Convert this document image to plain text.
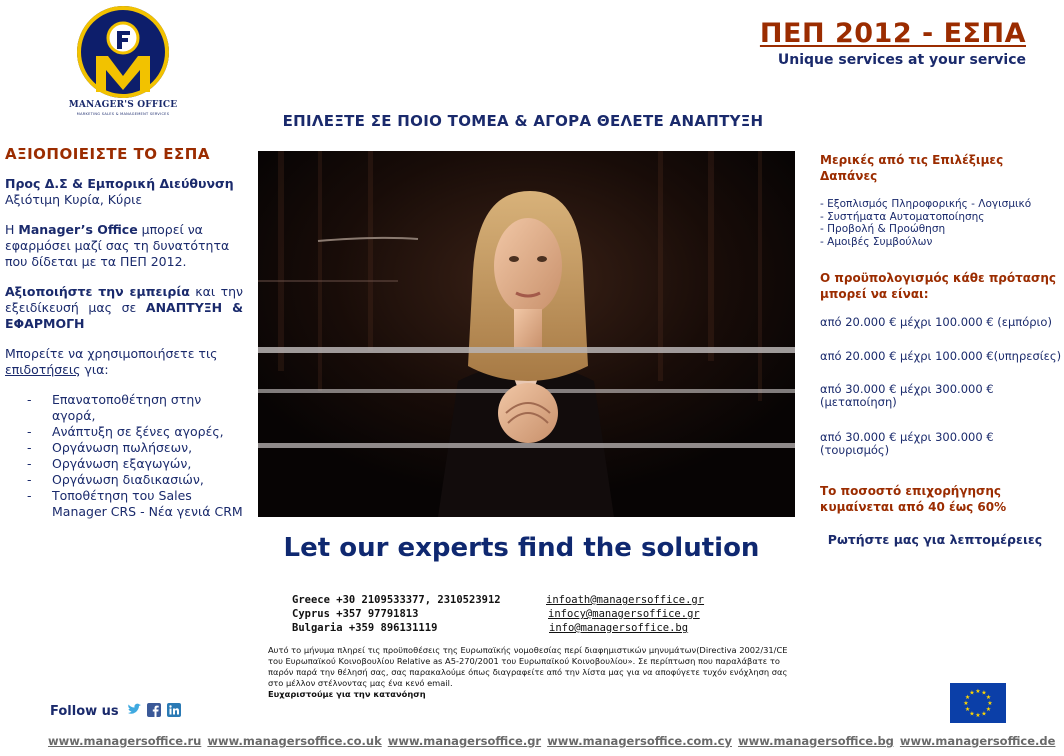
MANAGER'S OFFICE
MARKETING SALES & MANAGEMENT SERVICES
ΠΕΠ 2012 - ΕΣΠΑ
Unique services at your service
ΕΠΙΛΕΞΤΕ ΣΕ ΠΟΙΟ ΤΟΜΕΑ & ΑΓΟΡΑ ΘΕΛΕΤΕ ΑΝΑΠΤΥΞΗ
ΑΞΙΟΠΟΙΕΙΣΤΕ ΤΟ ΕΣΠΑ

Προς Δ.Σ & Εμπορική Διεύθυνση
Αξιότιμη Κυρία, Κύριε

Η Manager’s Office μπορεί να εφαρμόσει μαζί σας τη δυνατότητα που δίδεται με τα ΠΕΠ 2012.

Αξιοποιήστε την εμπειρία και την εξειδίκευσή μας σε ΑΝΑΠΤΥΞΗ & ΕΦΑΡΜΟΓΗ

Μπορείτε να χρησιμοποιήσετε τις επιδοτήσεις για:

- Επανατοποθέτηση στην αγορά,
- Ανάπτυξη σε ξένες αγορές,
- Οργάνωση πωλήσεων,
- Οργάνωση εξαγωγών,
- Οργάνωση διαδικασιών,
- Τοποθέτηση του Sales Manager CRS - Νέα γενιά CRM
Let our experts find the solution
Μερικές από τις Επιλέξιμες Δαπάνες
- Εξοπλισμός Πληροφορικής - Λογισμικό
- Συστήματα Αυτοματοποίησης
- Προβολή & Προώθηση
- Αμοιβές Συμβούλων
Ο προϋπολογισμός κάθε πρότασης μπορεί να είναι:
από 20.000 € μέχρι 100.000 € (εμπόριο)
από 20.000 € μέχρι 100.000 €(υπηρεσίες)
από 30.000 € μέχρι 300.000 € (μεταποίηση)
από 30.000 € μέχρι 300.000 € (τουρισμός)
Το ποσοστό επιχορήγησης κυμαίνεται από 40 έως 60%
Ρωτήστε μας για λεπτομέρειες
Greece +30 2109533377, 2310523912	infoath@managersoffice.gr
Cyprus +357 97791813	infocy@managersoffice.gr
Bulgaria +359 896131119	info@managersoffice.bg
Αυτό το μήνυμα πληρεί τις προϋποθέσεις της Ευρωπαϊκής νομοθεσίας περί διαφημιστικών μηνυμάτων(Directiva 2002/31/CE του Ευρωπαϊκού Κοινοβουλίου Relative as A5-270/2001 του Ευρωπαϊκού Κοινοβουλίου». Σε περίπτωση που παραλάβατε το παρόν παρά την θέλησή σας, σας παρακαλούμε όπως διαγραφείτε από την λίστα μας για να αποφύγετε τυχόν ενόχληση σας στο μέλλον στέλνοντας μας ένα κενό email.
Ευχαριστούμε για την κατανόηση
Follow us
★ ★
★
★
★
★
★
★
★
★
★
★
www.managersoffice.ru www.managersoffice.co.uk www.managersoffice.gr www.managersoffice.com.cy www.managersoffice.bg www.managersoffice.de
